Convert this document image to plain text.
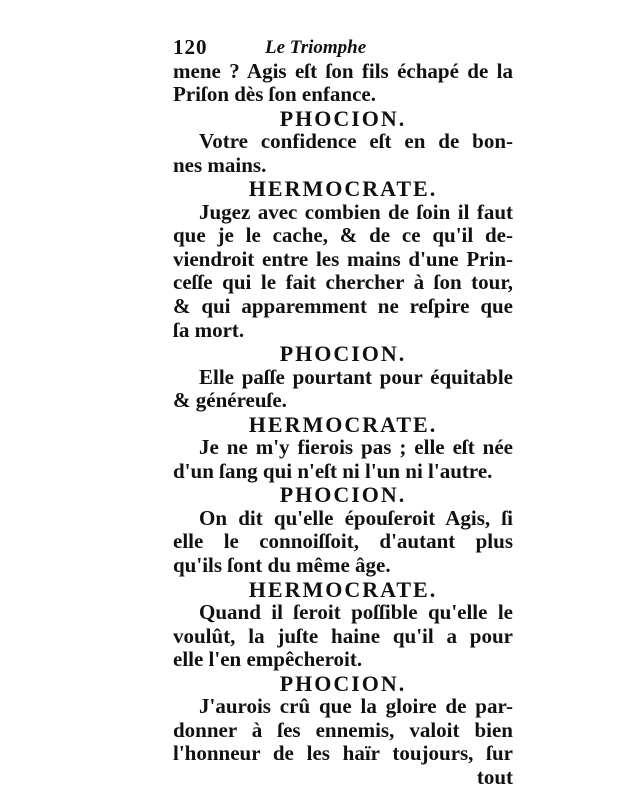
120	Le Triomphe
mene ? Agis eſt ſon fils échapé de la
Priſon dès ſon enfance.
PHOCION.
Votre confidence eſt en de bon-
nes mains.
HERMOCRATE.
Jugez avec combien de ſoin il faut
que je le cache, & de ce qu'il de-
viendroit entre les mains d'une Prin-
ceſſe qui le fait chercher à ſon tour,
& qui apparemment ne reſpire que
ſa mort.
PHOCION.
Elle paſſe pourtant pour équitable
& généreuſe.
HERMOCRATE.
Je ne m'y fierois pas ; elle eſt née
d'un ſang qui n'eſt ni l'un ni l'autre.
PHOCION.
On dit qu'elle épouſeroit Agis, ſi
elle le connoiſſoit, d'autant plus
qu'ils ſont du même âge.
HERMOCRATE.
Quand il ſeroit poſſible qu'elle le
voulût, la juſte haine qu'il a pour
elle l'en empêcheroit.
PHOCION.
J'aurois crû que la gloire de par-
donner à ſes ennemis, valoit bien
l'honneur de les haïr toujours, ſur
tout
